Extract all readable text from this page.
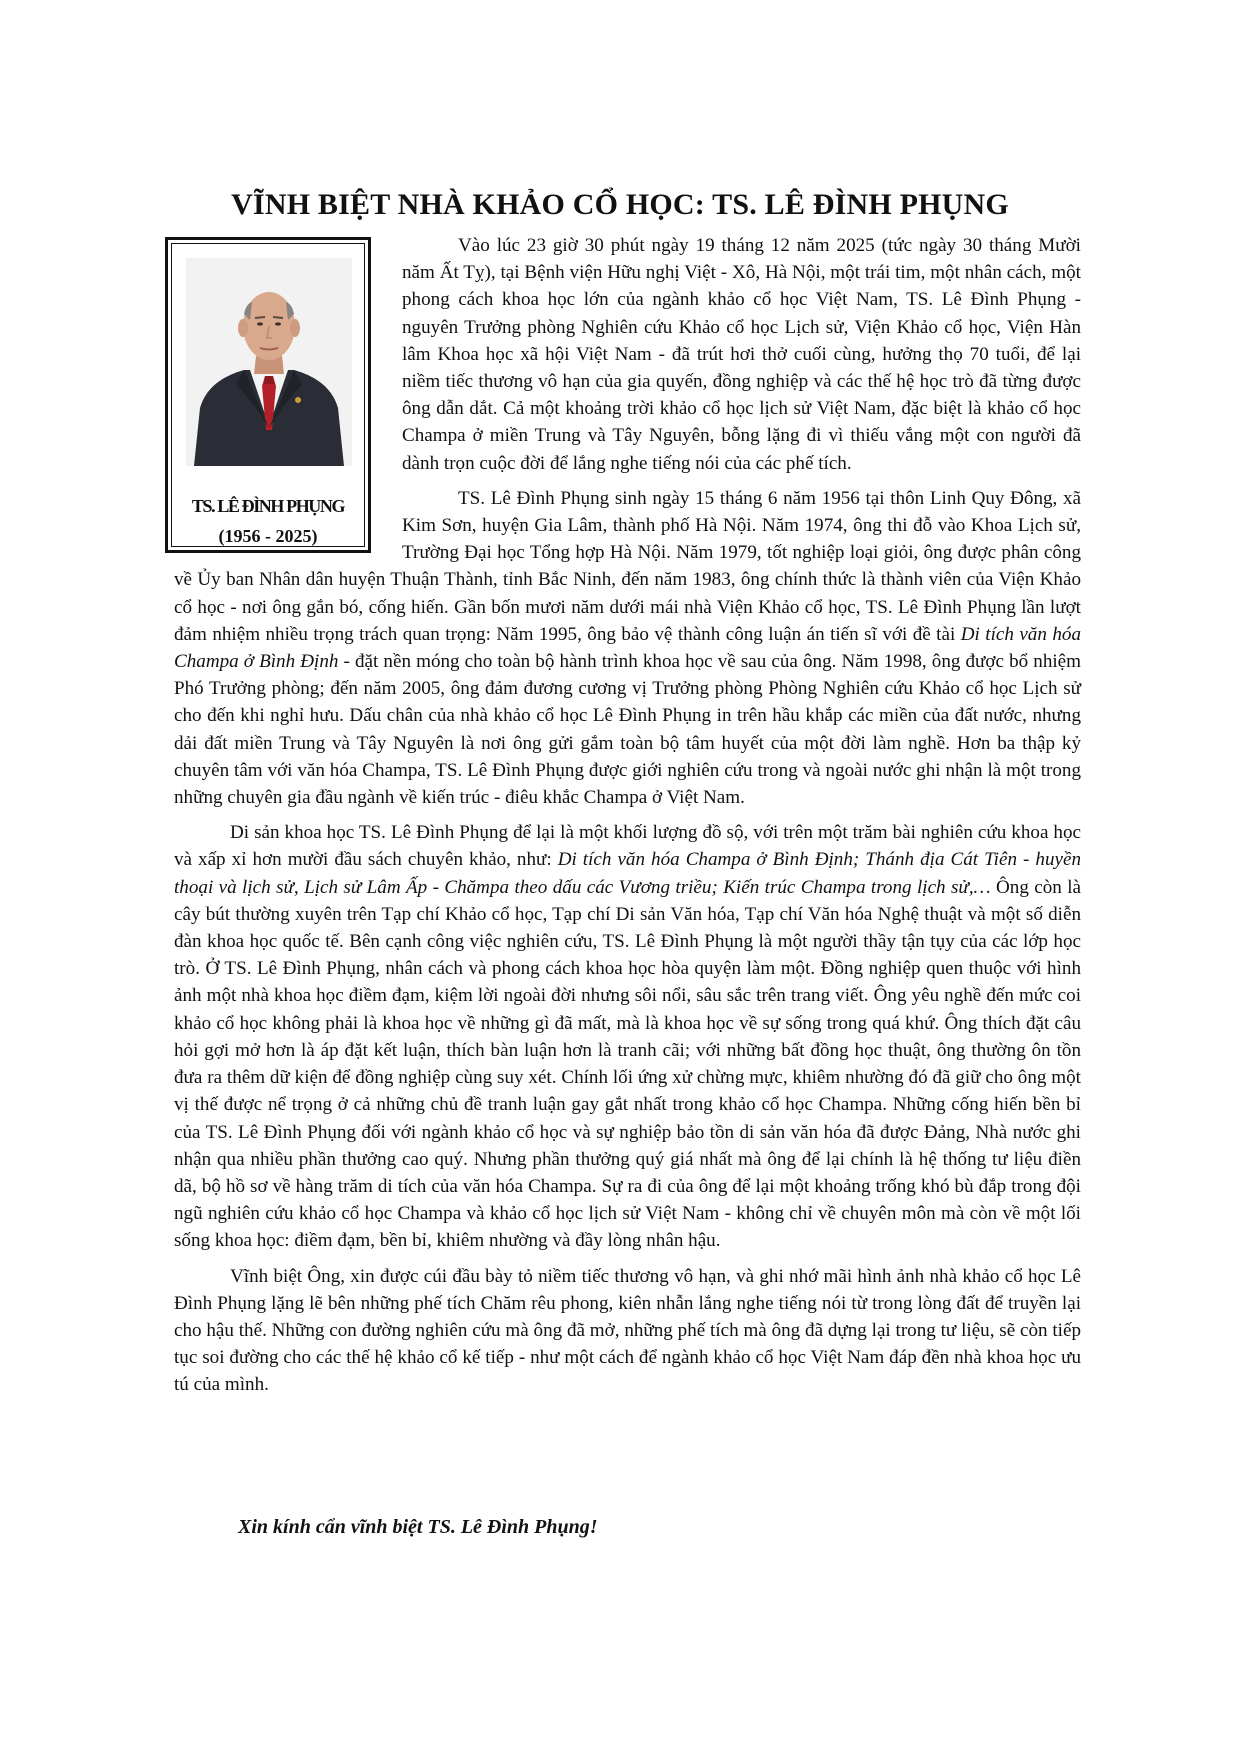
VĨNH BIỆT NHÀ KHẢO CỔ HỌC: TS. LÊ ĐÌNH PHỤNG
TS. LÊ ĐÌNH PHỤNG
(1956 - 2025)

Vào lúc 23 giờ 30 phút ngày 19 tháng 12 năm 2025 (tức ngày 30 tháng Mười năm Ất Tỵ), tại Bệnh viện Hữu nghị Việt - Xô, Hà Nội, một trái tim, một nhân cách, một phong cách khoa học lớn của ngành khảo cổ học Việt Nam, TS. Lê Đình Phụng - nguyên Trưởng phòng Nghiên cứu Khảo cổ học Lịch sử, Viện Khảo cổ học, Viện Hàn lâm Khoa học xã hội Việt Nam - đã trút hơi thở cuối cùng, hưởng thọ 70 tuổi, để lại niềm tiếc thương vô hạn của gia quyến, đồng nghiệp và các thế hệ học trò đã từng được ông dẫn dắt. Cả một khoảng trời khảo cổ học lịch sử Việt Nam, đặc biệt là khảo cổ học Champa ở miền Trung và Tây Nguyên, bỗng lặng đi vì thiếu vắng một con người đã dành trọn cuộc đời để lắng nghe tiếng nói của các phế tích.

TS. Lê Đình Phụng sinh ngày 15 tháng 6 năm 1956 tại thôn Linh Quy Đông, xã Kim Sơn, huyện Gia Lâm, thành phố Hà Nội. Năm 1974, ông thi đỗ vào Khoa Lịch sử, Trường Đại học Tổng hợp Hà Nội. Năm 1979, tốt nghiệp loại giỏi, ông được phân công về Ủy ban Nhân dân huyện Thuận Thành, tỉnh Bắc Ninh, đến năm 1983, ông chính thức là thành viên của Viện Khảo cổ học - nơi ông gắn bó, cống hiến. Gần bốn mươi năm dưới mái nhà Viện Khảo cổ học, TS. Lê Đình Phụng lần lượt đảm nhiệm nhiều trọng trách quan trọng: Năm 1995, ông bảo vệ thành công luận án tiến sĩ với đề tài Di tích văn hóa Champa ở Bình Định - đặt nền móng cho toàn bộ hành trình khoa học về sau của ông. Năm 1998, ông được bổ nhiệm Phó Trưởng phòng; đến năm 2005, ông đảm đương cương vị Trưởng phòng Phòng Nghiên cứu Khảo cổ học Lịch sử cho đến khi nghỉ hưu. Dấu chân của nhà khảo cổ học Lê Đình Phụng in trên hầu khắp các miền của đất nước, nhưng dải đất miền Trung và Tây Nguyên là nơi ông gửi gắm toàn bộ tâm huyết của một đời làm nghề. Hơn ba thập kỷ chuyên tâm với văn hóa Champa, TS. Lê Đình Phụng được giới nghiên cứu trong và ngoài nước ghi nhận là một trong những chuyên gia đầu ngành về kiến trúc - điêu khắc Champa ở Việt Nam.

Di sản khoa học TS. Lê Đình Phụng để lại là một khối lượng đồ sộ, với trên một trăm bài nghiên cứu khoa học và xấp xỉ hơn mười đầu sách chuyên khảo, như: Di tích văn hóa Champa ở Bình Định; Thánh địa Cát Tiên - huyền thoại và lịch sử, Lịch sử Lâm Ấp - Chămpa theo dấu các Vương triều; Kiến trúc Champa trong lịch sử,… Ông còn là cây bút thường xuyên trên Tạp chí Khảo cổ học, Tạp chí Di sản Văn hóa, Tạp chí Văn hóa Nghệ thuật và một số diễn đàn khoa học quốc tế. Bên cạnh công việc nghiên cứu, TS. Lê Đình Phụng là một người thầy tận tụy của các lớp học trò. Ở TS. Lê Đình Phụng, nhân cách và phong cách khoa học hòa quyện làm một. Đồng nghiệp quen thuộc với hình ảnh một nhà khoa học điềm đạm, kiệm lời ngoài đời nhưng sôi nổi, sâu sắc trên trang viết. Ông yêu nghề đến mức coi khảo cổ học không phải là khoa học về những gì đã mất, mà là khoa học về sự sống trong quá khứ. Ông thích đặt câu hỏi gợi mở hơn là áp đặt kết luận, thích bàn luận hơn là tranh cãi; với những bất đồng học thuật, ông thường ôn tồn đưa ra thêm dữ kiện để đồng nghiệp cùng suy xét. Chính lối ứng xử chừng mực, khiêm nhường đó đã giữ cho ông một vị thế được nể trọng ở cả những chủ đề tranh luận gay gắt nhất trong khảo cổ học Champa. Những cống hiến bền bỉ của TS. Lê Đình Phụng đối với ngành khảo cổ học và sự nghiệp bảo tồn di sản văn hóa đã được Đảng, Nhà nước ghi nhận qua nhiều phần thưởng cao quý. Nhưng phần thưởng quý giá nhất mà ông để lại chính là hệ thống tư liệu điền dã, bộ hồ sơ về hàng trăm di tích của văn hóa Champa. Sự ra đi của ông để lại một khoảng trống khó bù đắp trong đội ngũ nghiên cứu khảo cổ học Champa và khảo cổ học lịch sử Việt Nam - không chỉ về chuyên môn mà còn về một lối sống khoa học: điềm đạm, bền bỉ, khiêm nhường và đầy lòng nhân hậu.

Vĩnh biệt Ông, xin được cúi đầu bày tỏ niềm tiếc thương vô hạn, và ghi nhớ mãi hình ảnh nhà khảo cổ học Lê Đình Phụng lặng lẽ bên những phế tích Chăm rêu phong, kiên nhẫn lắng nghe tiếng nói từ trong lòng đất để truyền lại cho hậu thế. Những con đường nghiên cứu mà ông đã mở, những phế tích mà ông đã dựng lại trong tư liệu, sẽ còn tiếp tục soi đường cho các thế hệ khảo cổ kế tiếp - như một cách để ngành khảo cổ học Việt Nam đáp đền nhà khoa học ưu tú của mình.

Xin kính cẩn vĩnh biệt TS. Lê Đình Phụng!
